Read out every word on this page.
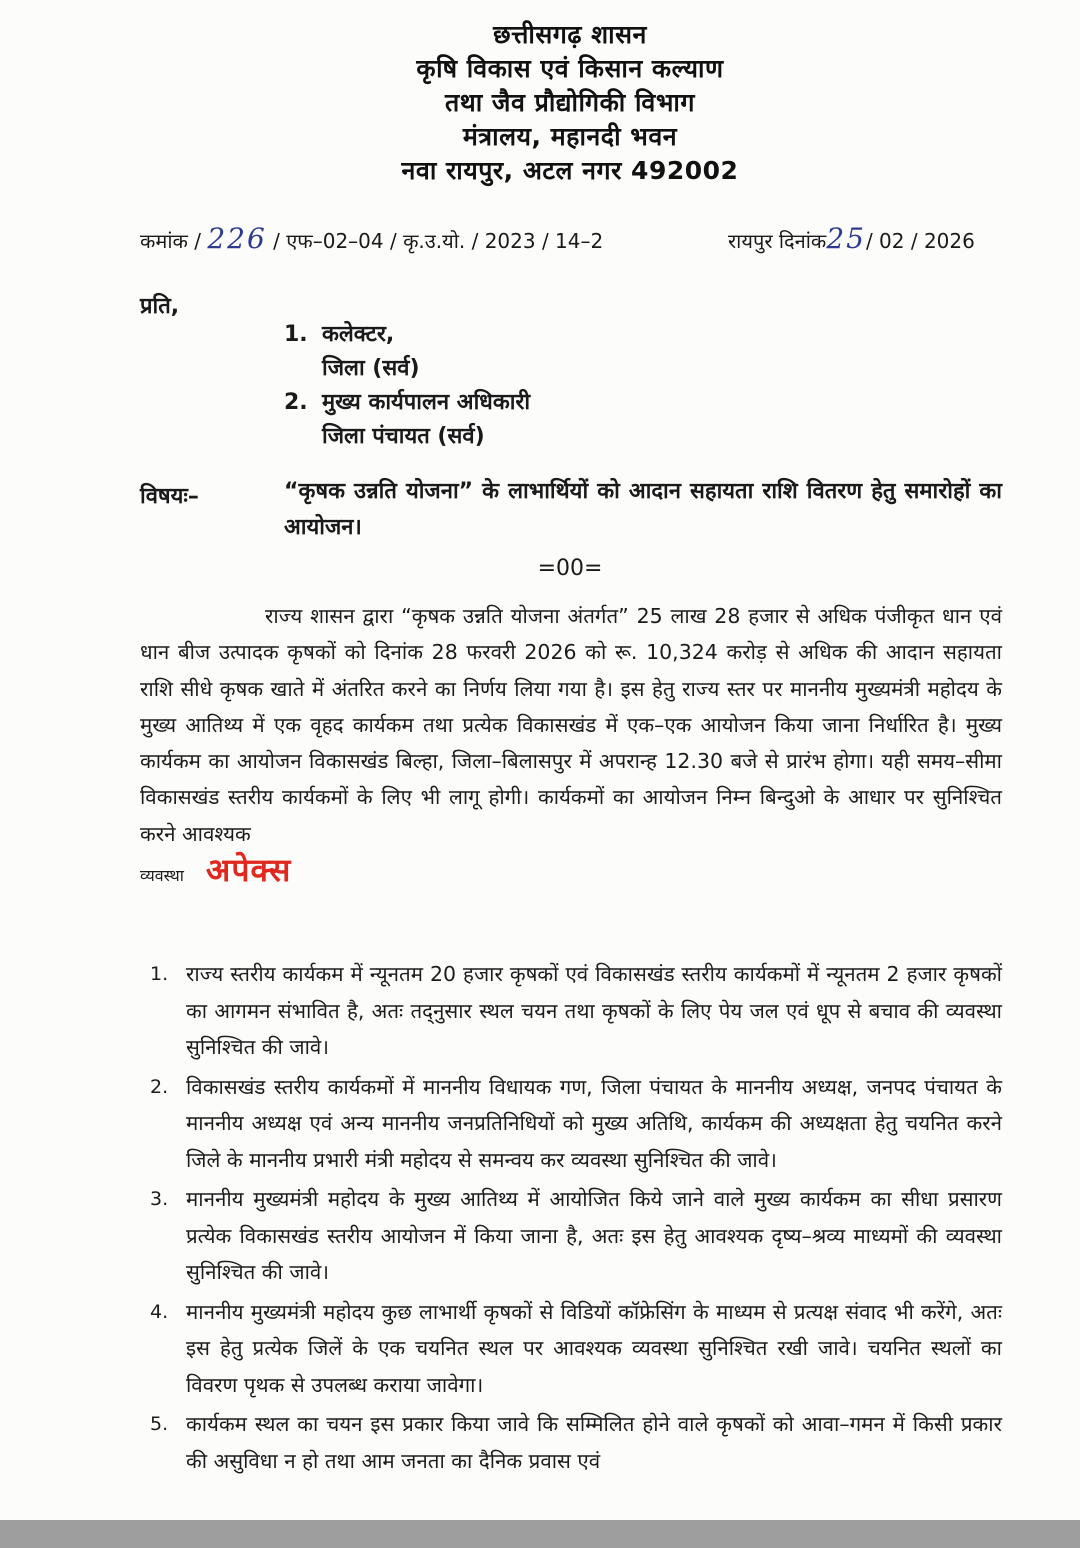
छत्तीसगढ़ शासन
कृषि विकास एवं किसान कल्याण
तथा जैव प्रौद्योगिकी विभाग
मंत्रालय, महानदी भवन
नवा रायपुर, अटल नगर 492002
कमांक / 226 / एफ–02–04 / कृ.उ.यो. / 2023 / 14–2	रायपुर दिनांक25/ 02 / 2026
प्रति,
1. कलेक्टर,
जिला (सर्व)
2. मुख्य कार्यपालन अधिकारी
जिला पंचायत (सर्व)
विषयः–	“कृषक उन्नति योजना” के लाभार्थियों को आदान सहायता राशि वितरण हेतु समारोहों का आयोजन।
=00=
राज्य शासन द्वारा “कृषक उन्नति योजना अंतर्गत” 25 लाख 28 हजार से अधिक पंजीकृत धान एवं धान बीज उत्पादक कृषकों को दिनांक 28 फरवरी 2026 को रू. 10,324 करोड़ से अधिक की आदान सहायता राशि सीधे कृषक खाते में अंतरित करने का निर्णय लिया गया है। इस हेतु राज्य स्तर पर माननीय मुख्यमंत्री महोदय के मुख्य आतिथ्य में एक वृहद कार्यकम तथा प्रत्येक विकासखंड में एक–एक आयोजन किया जाना निर्धारित है। मुख्य कार्यकम का आयोजन विकासखंड बिल्हा, जिला–बिलासपुर में अपरान्ह 12.30 बजे से प्रारंभ होगा। यही समय–सीमा विकासखंड स्तरीय कार्यकमों के लिए भी लागू होगी। कार्यकमों का आयोजन निम्न बिन्दुओ के आधार पर सुनिश्चित करने आवश्यक
व्यवस्था अपेक्स
1. राज्य स्तरीय कार्यकम में न्यूनतम 20 हजार कृषकों एवं विकासखंड स्तरीय कार्यकमों में न्यूनतम 2 हजार कृषकों का आगमन संभावित है, अतः तद्नुसार स्थल चयन तथा कृषकों के लिए पेय जल एवं धूप से बचाव की व्यवस्था सुनिश्चित की जावे।
2. विकासखंड स्तरीय कार्यकमों में माननीय विधायक गण, जिला पंचायत के माननीय अध्यक्ष, जनपद पंचायत के माननीय अध्यक्ष एवं अन्य माननीय जनप्रतिनिधियों को मुख्य अतिथि, कार्यकम की अध्यक्षता हेतु चयनित करने जिले के माननीय प्रभारी मंत्री महोदय से समन्वय कर व्यवस्था सुनिश्चित की जावे।
3. माननीय मुख्यमंत्री महोदय के मुख्य आतिथ्य में आयोजित किये जाने वाले मुख्य कार्यकम का सीधा प्रसारण प्रत्येक विकासखंड स्तरीय आयोजन में किया जाना है, अतः इस हेतु आवश्यक दृष्य–श्रव्य माध्यमों की व्यवस्था सुनिश्चित की जावे।
4. माननीय मुख्यमंत्री महोदय कुछ लाभार्थी कृषकों से विडियों कॉफ्रेसिंग के माध्यम से प्रत्यक्ष संवाद भी करेंगे, अतः इस हेतु प्रत्येक जिलें के एक चयनित स्थल पर आवश्यक व्यवस्था सुनिश्चित रखी जावे। चयनित स्थलों का विवरण पृथक से उपलब्ध कराया जावेगा।
5. कार्यकम स्थल का चयन इस प्रकार किया जावे कि सम्मिलित होने वाले कृषकों को आवा–गमन में किसी प्रकार की असुविधा न हो तथा आम जनता का दैनिक प्रवास एवं
